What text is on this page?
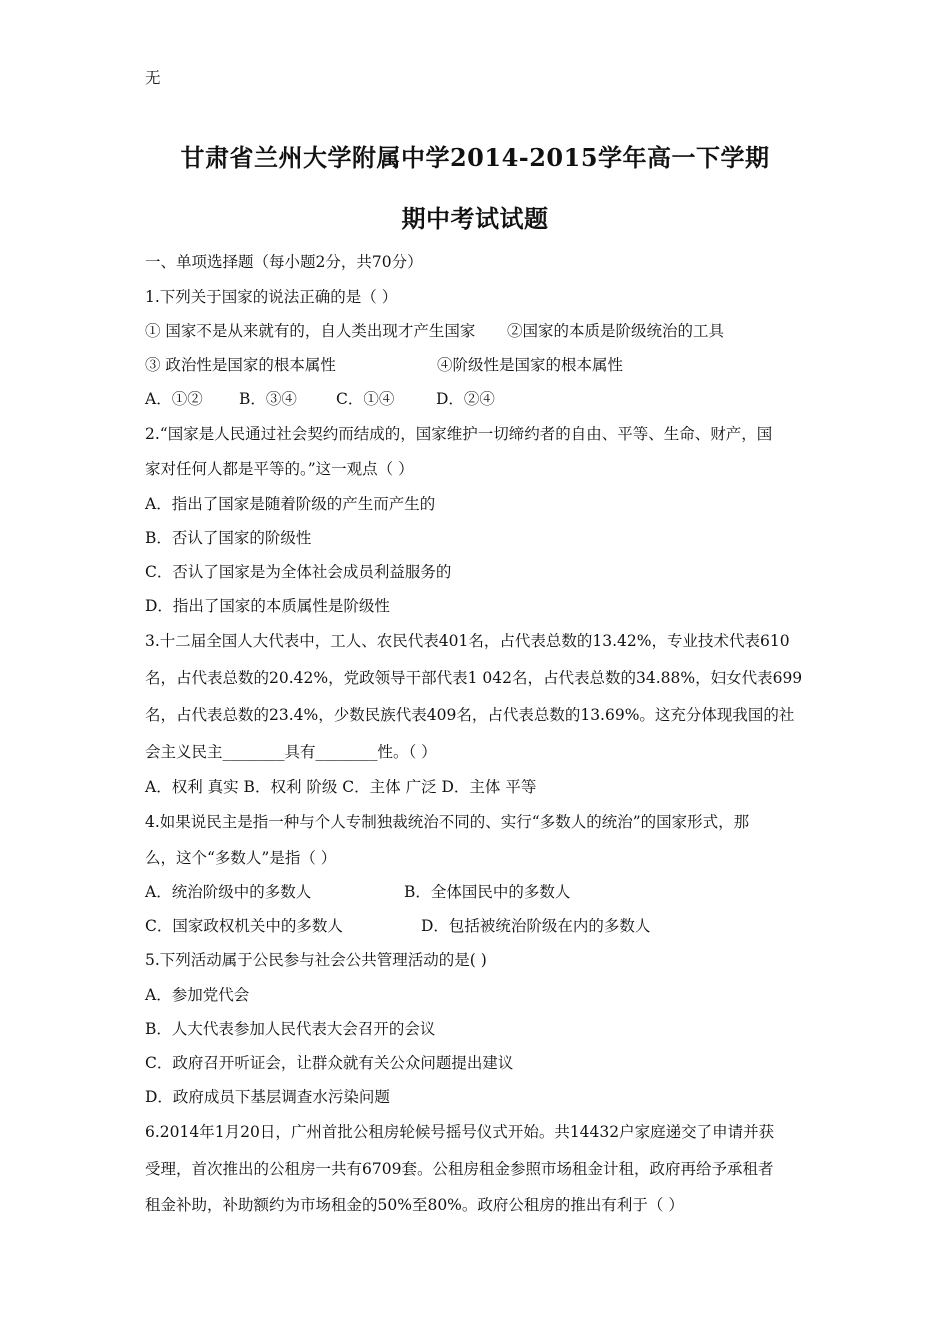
无
甘肃省兰州大学附属中学2014-2015学年高一下学期
期中考试试题
一、单项选择题（每小题2分，共70分）
1.下列关于国家的说法正确的是（ ）
① 国家不是从来就有的，自人类出现才产生国家 ②国家的本质是阶级统治的工具
③ 政治性是国家的根本属性	④阶级性是国家的根本属性
A．①② B．③④	C．①④	D．②④
2.“国家是人民通过社会契约而结成的，国家维护一切缔约者的自由、平等、生命、财产，国
家对任何人都是平等的。”这一观点（ ）
A．指出了国家是随着阶级的产生而产生的
B．否认了国家的阶级性
C．否认了国家是为全体社会成员利益服务的
D．指出了国家的本质属性是阶级性
3.十二届全国人大代表中，工人、农民代表401名，占代表总数的13.42%，专业技术代表610
名，占代表总数的20.42%，党政领导干部代表1 042名，占代表总数的34.88%，妇女代表699
名，占代表总数的23.4%，少数民族代表409名，占代表总数的13.69%。这充分体现我国的社
会主义民主________具有________性。（ ）
A．权利 真实 B．权利 阶级 C．主体 广泛 D．主体 平等
4.如果说民主是指一种与个人专制独裁统治不同的、实行“多数人的统治”的国家形式，那
么，这个“多数人”是指（ ）
A．统治阶级中的多数人	B．全体国民中的多数人
C．国家政权机关中的多数人	D．包括被统治阶级在内的多数人
5.下列活动属于公民参与社会公共管理活动的是( )
A．参加党代会
B．人大代表参加人民代表大会召开的会议
C．政府召开听证会，让群众就有关公众问题提出建议
D．政府成员下基层调查水污染问题
6.2014年1月20日，广州首批公租房轮候号摇号仪式开始。共14432户家庭递交了申请并获
受理，首次推出的公租房一共有6709套。公租房租金参照市场租金计租，政府再给予承租者
租金补助，补助额约为市场租金的50%至80%。政府公租房的推出有利于（ ）
